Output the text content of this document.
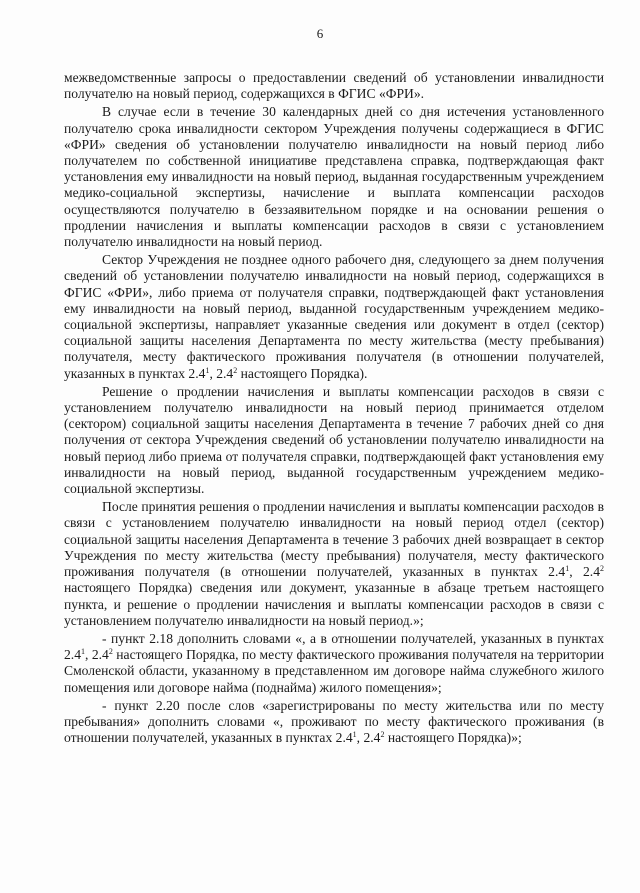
6

межведомственные запросы о предоставлении сведений об установлении инвалидности получателю на новый период, содержащихся в ФГИС «ФРИ».

В случае если в течение 30 календарных дней со дня истечения установленного получателю срока инвалидности сектором Учреждения получены содержащиеся в ФГИС «ФРИ» сведения об установлении получателю инвалидности на новый период либо получателем по собственной инициативе представлена справка, подтверждающая факт установления ему инвалидности на новый период, выданная государственным учреждением медико-социальной экспертизы, начисление и выплата компенсации расходов осуществляются получателю в беззаявительном порядке и на основании решения о продлении начисления и выплаты компенсации расходов в связи с установлением получателю инвалидности на новый период.

Сектор Учреждения не позднее одного рабочего дня, следующего за днем получения сведений об установлении получателю инвалидности на новый период, содержащихся в ФГИС «ФРИ», либо приема от получателя справки, подтверждающей факт установления ему инвалидности на новый период, выданной государственным учреждением медико-социальной экспертизы, направляет указанные сведения или документ в отдел (сектор) социальной защиты населения Департамента по месту жительства (месту пребывания) получателя, месту фактического проживания получателя (в отношении получателей, указанных в пунктах $2.4^1$, $2.4^2$ настоящего Порядка).

Решение о продлении начисления и выплаты компенсации расходов в связи с установлением получателю инвалидности на новый период принимается отделом (сектором) социальной защиты населения Департамента в течение 7 рабочих дней со дня получения от сектора Учреждения сведений об установлении получателю инвалидности на новый период либо приема от получателя справки, подтверждающей факт установления ему инвалидности на новый период, выданной государственным учреждением медико-социальной экспертизы.

После принятия решения о продлении начисления и выплаты компенсации расходов в связи с установлением получателю инвалидности на новый период отдел (сектор) социальной защиты населения Департамента в течение 3 рабочих дней возвращает в сектор Учреждения по месту жительства (месту пребывания) получателя, месту фактического проживания получателя (в отношении получателей, указанных в пунктах $2.4^1$, $2.4^2$ настоящего Порядка) сведения или документ, указанные в абзаце третьем настоящего пункта, и решение о продлении начисления и выплаты компенсации расходов в связи с установлением получателю инвалидности на новый период.»;

- пункт 2.18 дополнить словами «, а в отношении получателей, указанных в пунктах $2.4^1$, $2.4^2$ настоящего Порядка, по месту фактического проживания получателя на территории Смоленской области, указанному в представленном им договоре найма служебного жилого помещения или договоре найма (поднайма) жилого помещения»;

- пункт 2.20 после слов «зарегистрированы по месту жительства или по месту пребывания» дополнить словами «, проживают по месту фактического проживания (в отношении получателей, указанных в пунктах $2.4^1$, $2.4^2$ настоящего Порядка)»;
